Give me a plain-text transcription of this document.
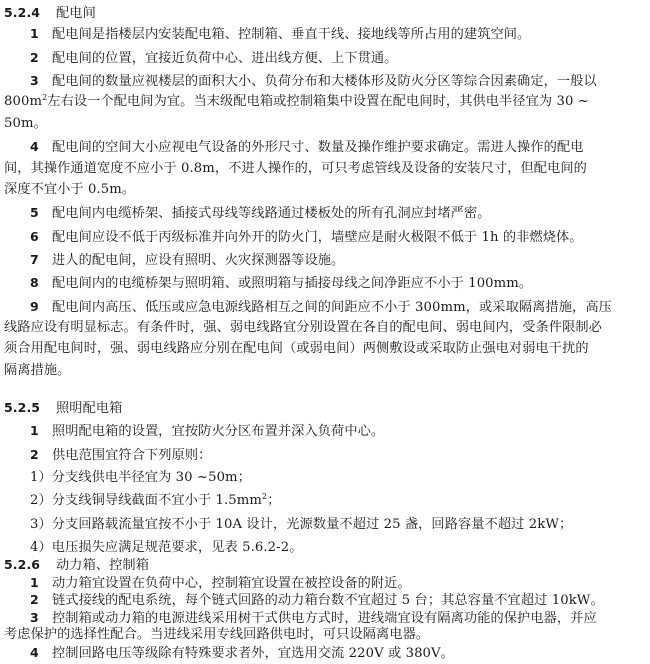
5.2.4 配电间
1 配电间是指楼层内安装配电箱、控制箱、垂直干线、接地线等所占用的建筑空间。
2 配电间的位置，宜接近负荷中心、进出线方便、上下贯通。
3 配电间的数量应视楼层的面积大小、负荷分布和大楼体形及防火分区等综合因素确定，一般以
$800m^2$左右设一个配电间为宜。当末级配电箱或控制箱集中设置在配电间时，其供电半径宜为 30 ~
50m。
4 配电间的空间大小应视电气设备的外形尺寸、数量及操作维护要求确定。需进人操作的配电
间，其操作通道宽度不应小于 0.8m，不进人操作的，可只考虑管线及设备的安装尺寸，但配电间的
深度不宜小于 0.5m。
5 配电间内电缆桥架、插接式母线等线路通过楼板处的所有孔洞应封堵严密。
6 配电间应设不低于丙级标准并向外开的防火门，墙壁应是耐火极限不低于 1h 的非燃烧体。
7 进人的配电间，应设有照明、火灾探测器等设施。
8 配电间内的电缆桥架与照明箱、或照明箱与插接母线之间净距应不小于 100mm。
9 配电间内高压、低压或应急电源线路相互之间的间距应不小于 300mm，或采取隔离措施，高压
线路应设有明显标志。有条件时，强、弱电线路宜分别设置在各自的配电间、弱电间内，受条件限制必
须合用配电间时，强、弱电线路应分别在配电间（或弱电间）两侧敷设或采取防止强电对弱电干扰的
隔离措施。
5.2.5 照明配电箱
1 照明配电箱的设置，宜按防火分区布置并深入负荷中心。
2 供电范围宜符合下列原则：
1）分支线供电半径宜为 30 ~50m；
2）分支线铜导线截面不宜小于 $1.5mm^2$；
3）分支回路载流量宜按不小于 10A 设计，光源数量不超过 25 盏，回路容量不超过 2kW；
4）电压损失应满足规范要求，见表 5.6.2-2。
5.2.6 动力箱、控制箱
1 动力箱宜设置在负荷中心，控制箱宜设置在被控设备的附近。
2 链式接线的配电系统，每个链式回路的动力箱台数不宜超过 5 台；其总容量不宜超过 10kW。
3 控制箱或动力箱的电源进线采用树干式供电方式时，进线端宜设有隔离功能的保护电器，并应
考虑保护的选择性配合。当进线采用专线回路供电时，可只设隔离电器。
4 控制回路电压等级除有特殊要求者外，宜选用交流 220V 或 380V。
